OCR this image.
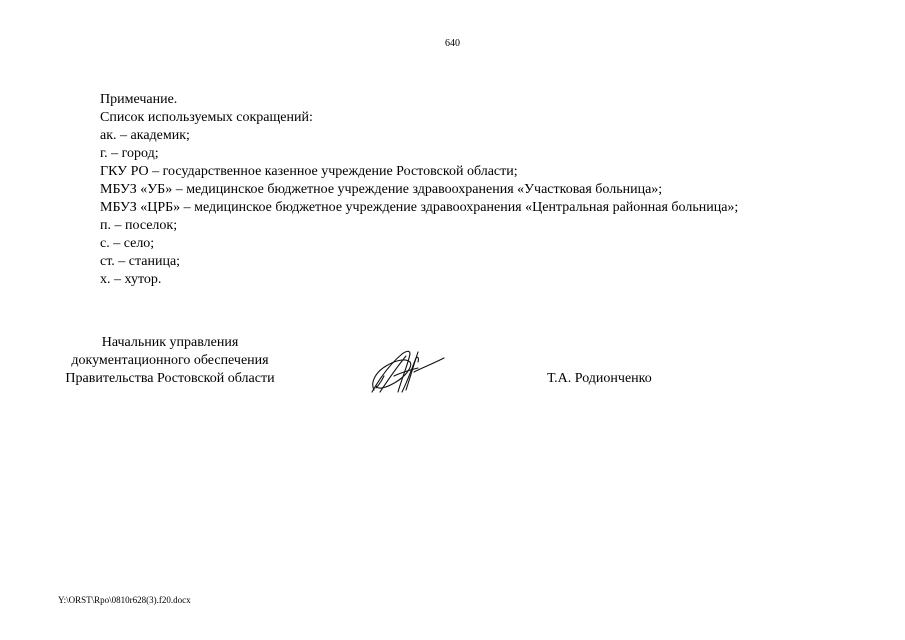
640
Примечание.
Список используемых сокращений:
ак. – академик;
г. – город;
ГКУ РО – государственное казенное учреждение Ростовской области;
МБУЗ «УБ» – медицинское бюджетное учреждение здравоохранения «Участковая больница»;
МБУЗ «ЦРБ» – медицинское бюджетное учреждение здравоохранения «Центральная районная больница»;
п. – поселок;
с. – село;
ст. – станица;
х. – хутор.
Начальник управления
документационного обеспечения
Правительства Ростовской области	Т.А. Родионченко
Y:\ORST\Rpo\0810r628(3).f20.docx
